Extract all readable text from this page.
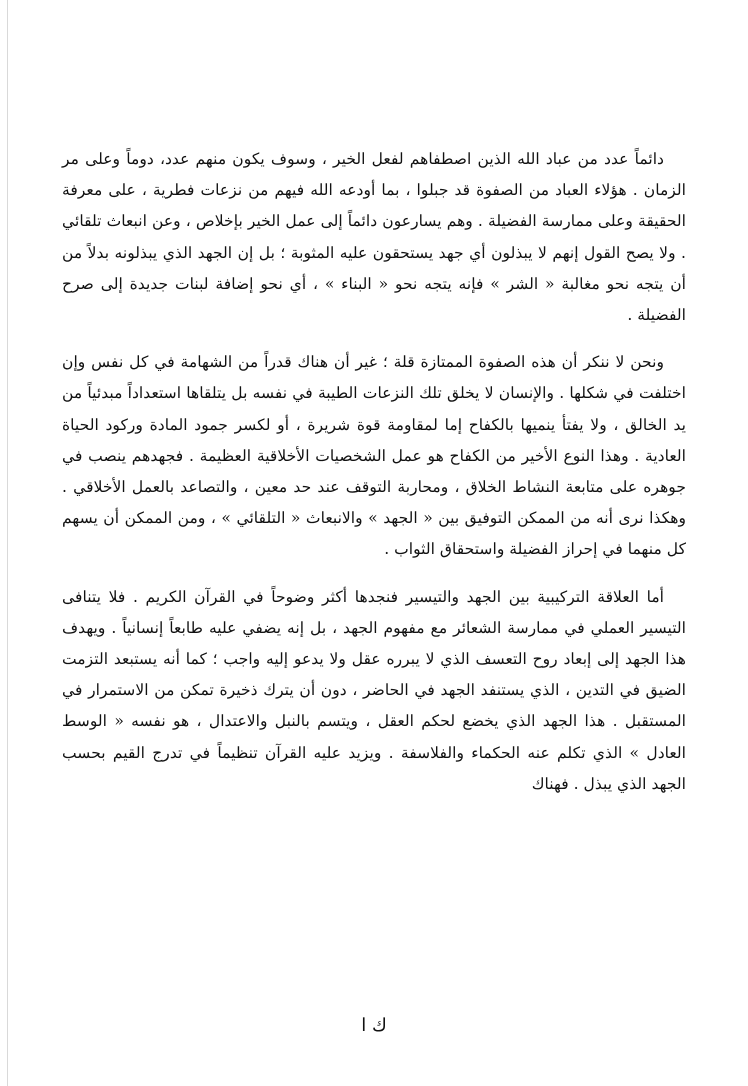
دائماً عدد من عباد الله الذين اصطفاهم لفعل الخير ، وسوف يكون منهم عدد، دوماً وعلى مر الزمان . هؤلاء العباد من الصفوة قد جبلوا ، بما أودعه الله فيهم من نزعات فطرية ، على معرفة الحقيقة وعلى ممارسة الفضيلة . وهم يسارعون دائماً إلى عمل الخير بإخلاص ، وعن انبعاث تلقائي . ولا يصح القول إنهم لا يبذلون أي جهد يستحقون عليه المثوبة ؛ بل إن الجهد الذي يبذلونه بدلاً من أن يتجه نحو مغالبة « الشر » فإنه يتجه نحو « البناء » ، أي نحو إضافة لبنات جديدة إلى صرح الفضيلة .

ونحن لا ننكر أن هذه الصفوة الممتازة قلة ؛ غير أن هناك قدراً من الشهامة في كل نفس وإن اختلفت في شكلها . والإنسان لا يخلق تلك النزعات الطيبة في نفسه بل يتلقاها استعداداً مبدئياً من يد الخالق ، ولا يفتأ ينميها بالكفاح إما لمقاومة قوة شريرة ، أو لكسر جمود المادة وركود الحياة العادية . وهذا النوع الأخير من الكفاح هو عمل الشخصيات الأخلاقية العظيمة . فجهدهم ينصب في جوهره على متابعة النشاط الخلاق ، ومحاربة التوقف عند حد معين ، والتصاعد بالعمل الأخلاقي . وهكذا نرى أنه من الممكن التوفيق بين « الجهد » والانبعاث « التلقائي » ، ومن الممكن أن يسهم كل منهما في إحراز الفضيلة واستحقاق الثواب .

أما العلاقة التركيبية بين الجهد والتيسير فنجدها أكثر وضوحاً في القرآن الكريم . فلا يتنافى التيسير العملي في ممارسة الشعائر مع مفهوم الجهد ، بل إنه يضفي عليه طابعاً إنسانياً . ويهدف هذا الجهد إلى إبعاد روح التعسف الذي لا يبرره عقل ولا يدعو إليه واجب ؛ كما أنه يستبعد التزمت الضيق في التدين ، الذي يستنفد الجهد في الحاضر ، دون أن يترك ذخيرة تمكن من الاستمرار في المستقبل . هذا الجهد الذي يخضع لحكم العقل ، ويتسم بالنبل والاعتدال ، هو نفسه « الوسط العادل » الذي تكلم عنه الحكماء والفلاسفة . ويزيد عليه القرآن تنظيماً في تدرج القيم بحسب الجهد الذي يبذل . فهناك

ك ا
